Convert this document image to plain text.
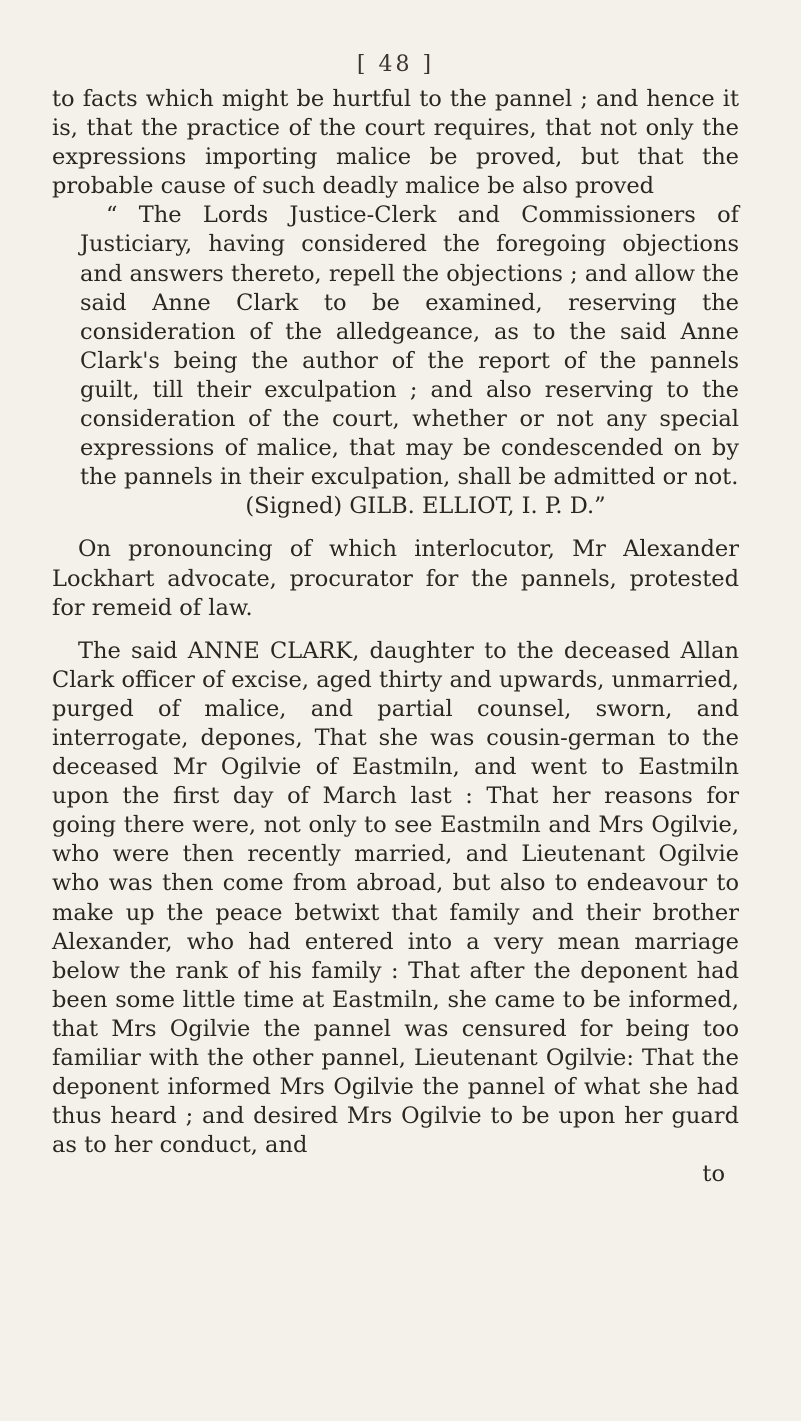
[ 48 ]

to facts which might be hurtful to the pannel ; and hence it is, that the practice of the court requires, that not only the expressions importing malice be proved, but that the probable cause of such deadly malice be also proved

“ The Lords Justice-Clerk and Commissioners of Justiciary, having considered the foregoing objections and answers thereto, repell the objections ; and allow the said Anne Clark to be examined, reserving the consideration of the alledgeance, as to the said Anne Clark's being the author of the report of the pannels guilt, till their exculpation ; and also reserving to the consideration of the court, whether or not any special expressions of malice, that may be condescended on by the pannels in their exculpation, shall be admitted or not.

(Signed) GILB. ELLIOT, I. P. D.”

On pronouncing of which interlocutor, Mr Alexander Lockhart advocate, procurator for the pannels, protested for remeid of law.

The said ANNE CLARK, daughter to the deceased Allan Clark officer of excise, aged thirty and upwards, unmarried, purged of malice, and partial counsel, sworn, and interrogate, depones, That she was cousin-german to the deceased Mr Ogilvie of Eastmiln, and went to Eastmiln upon the first day of March last : That her reasons for going there were, not only to see Eastmiln and Mrs Ogilvie, who were then recently married, and Lieutenant Ogilvie who was then come from abroad, but also to endeavour to make up the peace betwixt that family and their brother Alexander, who had entered into a very mean marriage below the rank of his family : That after the deponent had been some little time at Eastmiln, she came to be informed, that Mrs Ogilvie the pannel was censured for being too familiar with the other pannel, Lieutenant Ogilvie: That the deponent informed Mrs Ogilvie the pannel of what she had thus heard ; and desired Mrs Ogilvie to be upon her guard as to her conduct, and

to
